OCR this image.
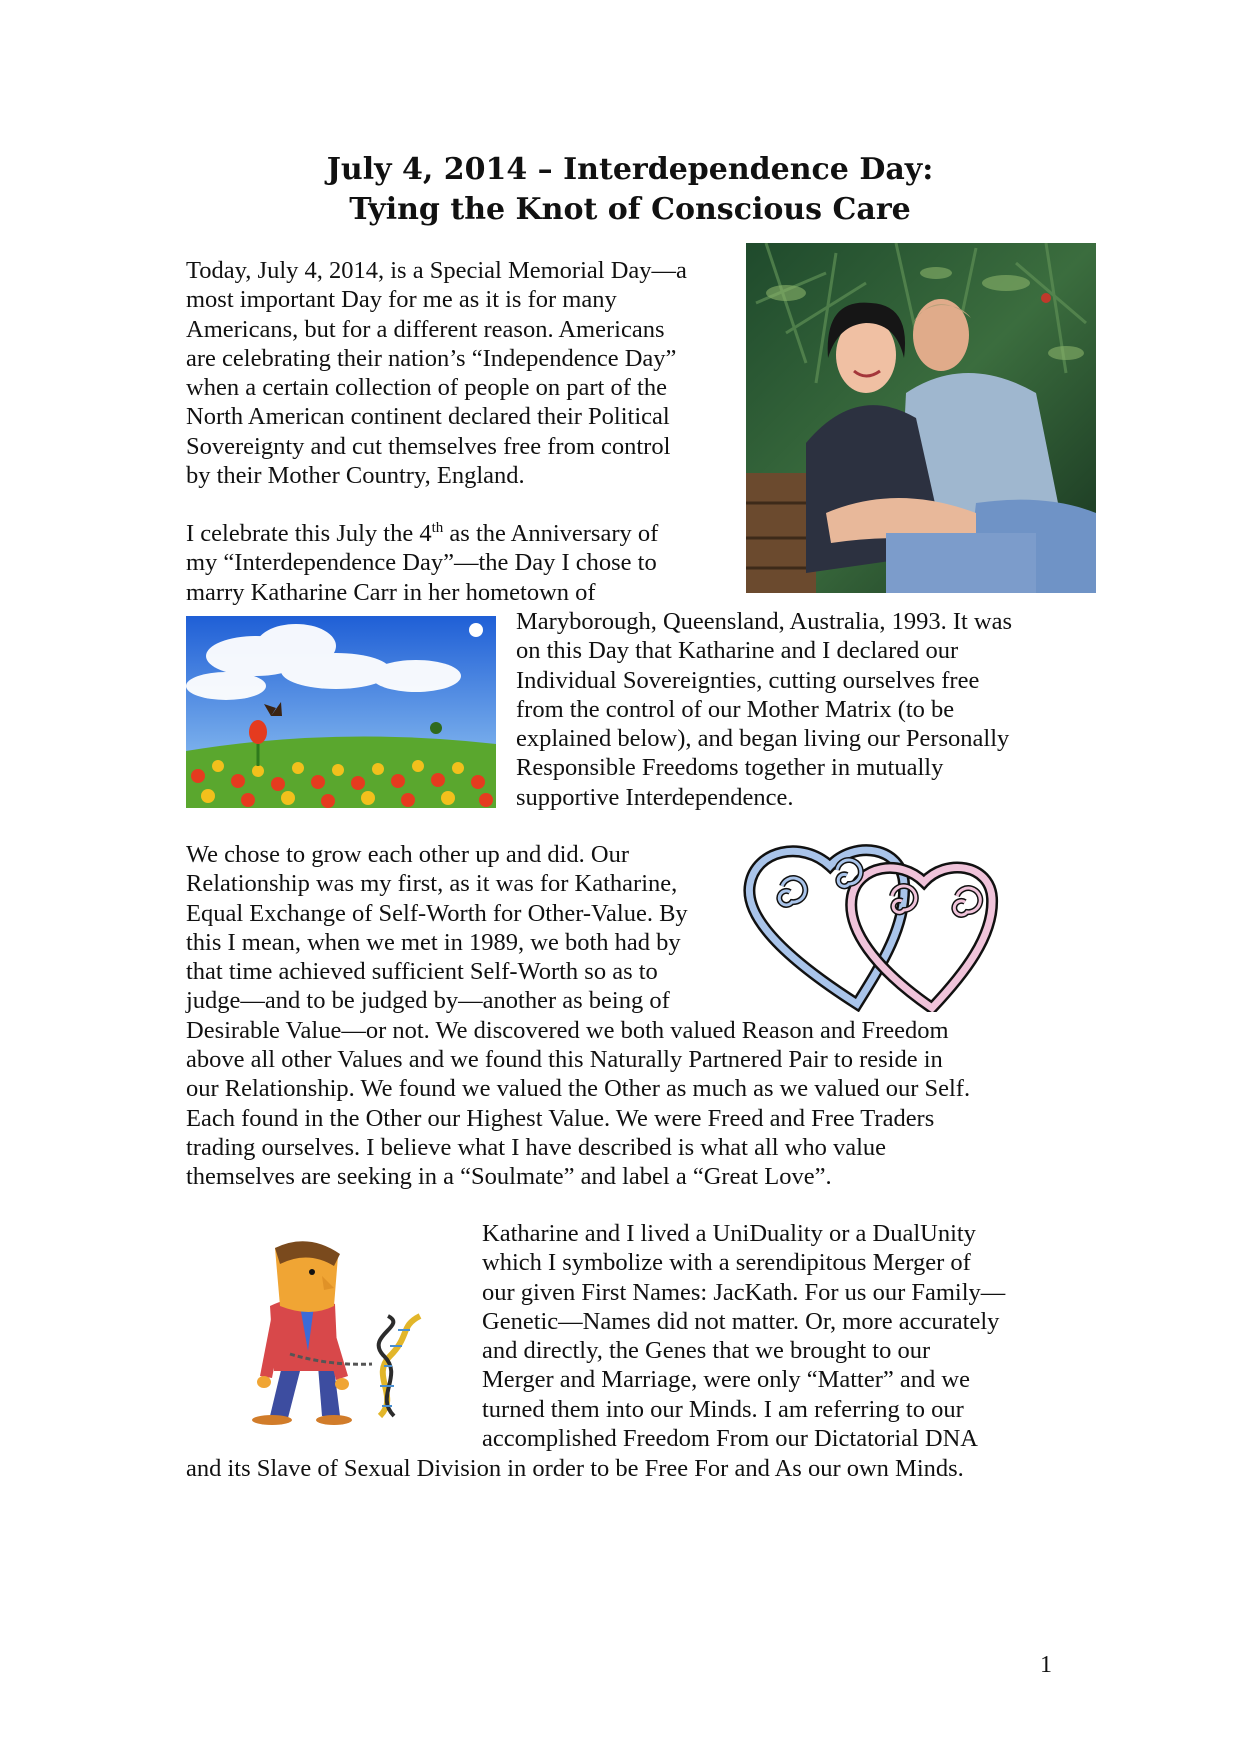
July 4, 2014 – Interdependence Day:
Tying the Knot of Conscious Care
Today, July 4, 2014, is a Special Memorial Day—a
most important Day for me as it is for many
Americans, but for a different reason. Americans
are celebrating their nation’s “Independence Day”
when a certain collection of people on part of the
North American continent declared their Political
Sovereignty and cut themselves free from control
by their Mother Country, England.
I celebrate this July the 4th as the Anniversary of
my “Interdependence Day”—the Day I chose to
marry Katharine Carr in her hometown of
Maryborough, Queensland, Australia, 1993. It was
on this Day that Katharine and I declared our
Individual Sovereignties, cutting ourselves free
from the control of our Mother Matrix (to be
explained below), and began living our Personally
Responsible Freedoms together in mutually
supportive Interdependence.
We chose to grow each other up and did. Our
Relationship was my first, as it was for Katharine,
Equal Exchange of Self-Worth for Other-Value. By
this I mean, when we met in 1989, we both had by
that time achieved sufficient Self-Worth so as to
judge—and to be judged by—another as being of
Desirable Value—or not. We discovered we both valued Reason and Freedom
above all other Values and we found this Naturally Partnered Pair to reside in
our Relationship. We found we valued the Other as much as we valued our Self.
Each found in the Other our Highest Value. We were Freed and Free Traders
trading ourselves. I believe what I have described is what all who value
themselves are seeking in a “Soulmate” and label a “Great Love”.
Katharine and I lived a UniDuality or a DualUnity
which I symbolize with a serendipitous Merger of
our given First Names: JacKath. For us our Family—
Genetic—Names did not matter. Or, more accurately
and directly, the Genes that we brought to our
Merger and Marriage, were only “Matter” and we
turned them into our Minds. I am referring to our
accomplished Freedom From our Dictatorial DNA
and its Slave of Sexual Division in order to be Free For and As our own Minds.
1
